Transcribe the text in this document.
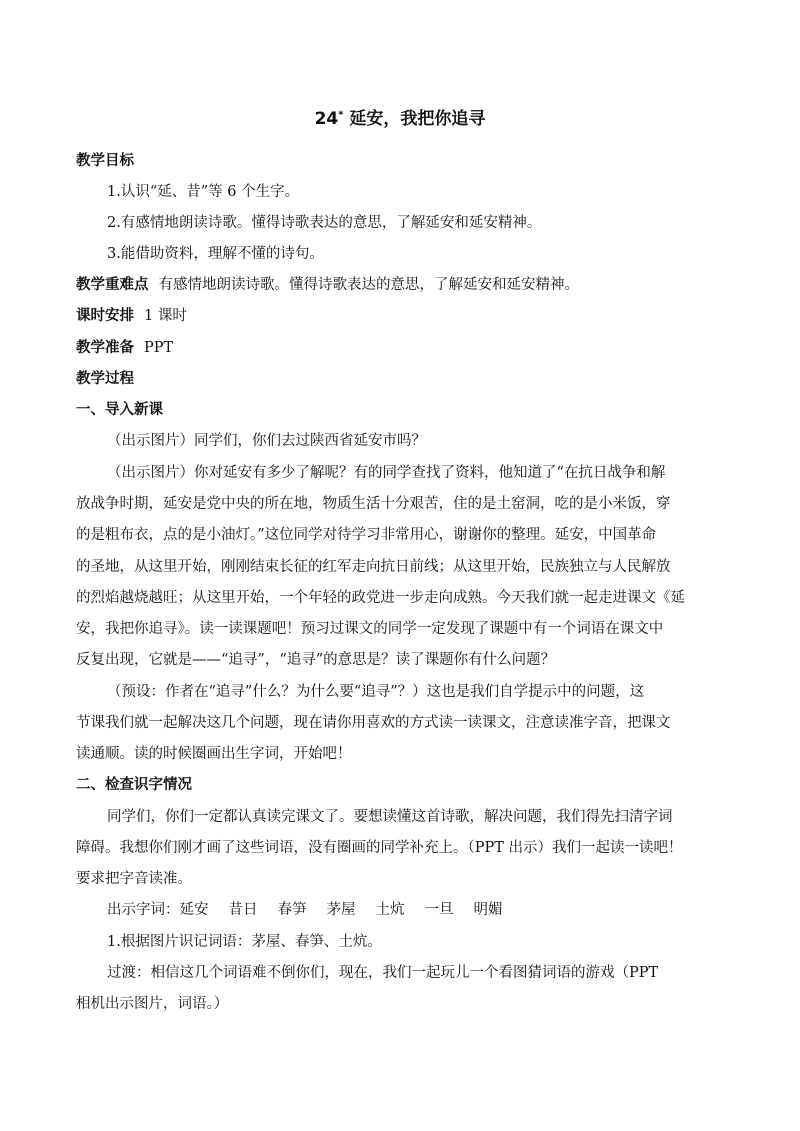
24* 延安，我把你追寻
教学目标
1.认识“延、昔”等 6 个生字。
2.有感情地朗读诗歌。懂得诗歌表达的意思，了解延安和延安精神。
3.能借助资料，理解不懂的诗句。
教学重难点 有感情地朗读诗歌。懂得诗歌表达的意思，了解延安和延安精神。
课时安排 1 课时
教学准备 PPT
教学过程
一、导入新课
（出示图片）同学们，你们去过陕西省延安市吗？
（出示图片）你对延安有多少了解呢？有的同学查找了资料，他知道了“在抗日战争和解
放战争时期，延安是党中央的所在地，物质生活十分艰苦，住的是土窑洞，吃的是小米饭，穿
的是粗布衣，点的是小油灯。”这位同学对待学习非常用心，谢谢你的整理。延安，中国革命
的圣地，从这里开始，刚刚结束长征的红军走向抗日前线；从这里开始，民族独立与人民解放
的烈焰越烧越旺；从这里开始，一个年轻的政党进一步走向成熟。今天我们就一起走进课文《延
安，我把你追寻》。读一读课题吧！预习过课文的同学一定发现了课题中有一个词语在课文中
反复出现，它就是——“追寻”，“追寻”的意思是？读了课题你有什么问题？
（预设：作者在“追寻”什么？为什么要“追寻”？）这也是我们自学提示中的问题，这
节课我们就一起解决这几个问题，现在请你用喜欢的方式读一读课文，注意读准字音，把课文
读通顺。读的时候圈画出生字词，开始吧！
二、检查识字情况
同学们，你们一定都认真读完课文了。要想读懂这首诗歌，解决问题，我们得先扫清字词
障碍。我想你们刚才画了这些词语，没有圈画的同学补充上。（PPT 出示）我们一起读一读吧！
要求把字音读准。
出示字词：延安 昔日 春笋 茅屋 土炕 一旦 明媚
1.根据图片识记词语：茅屋、春笋、土炕。
过渡：相信这几个词语难不倒你们，现在，我们一起玩儿一个看图猜词语的游戏（PPT
相机出示图片，词语。）
